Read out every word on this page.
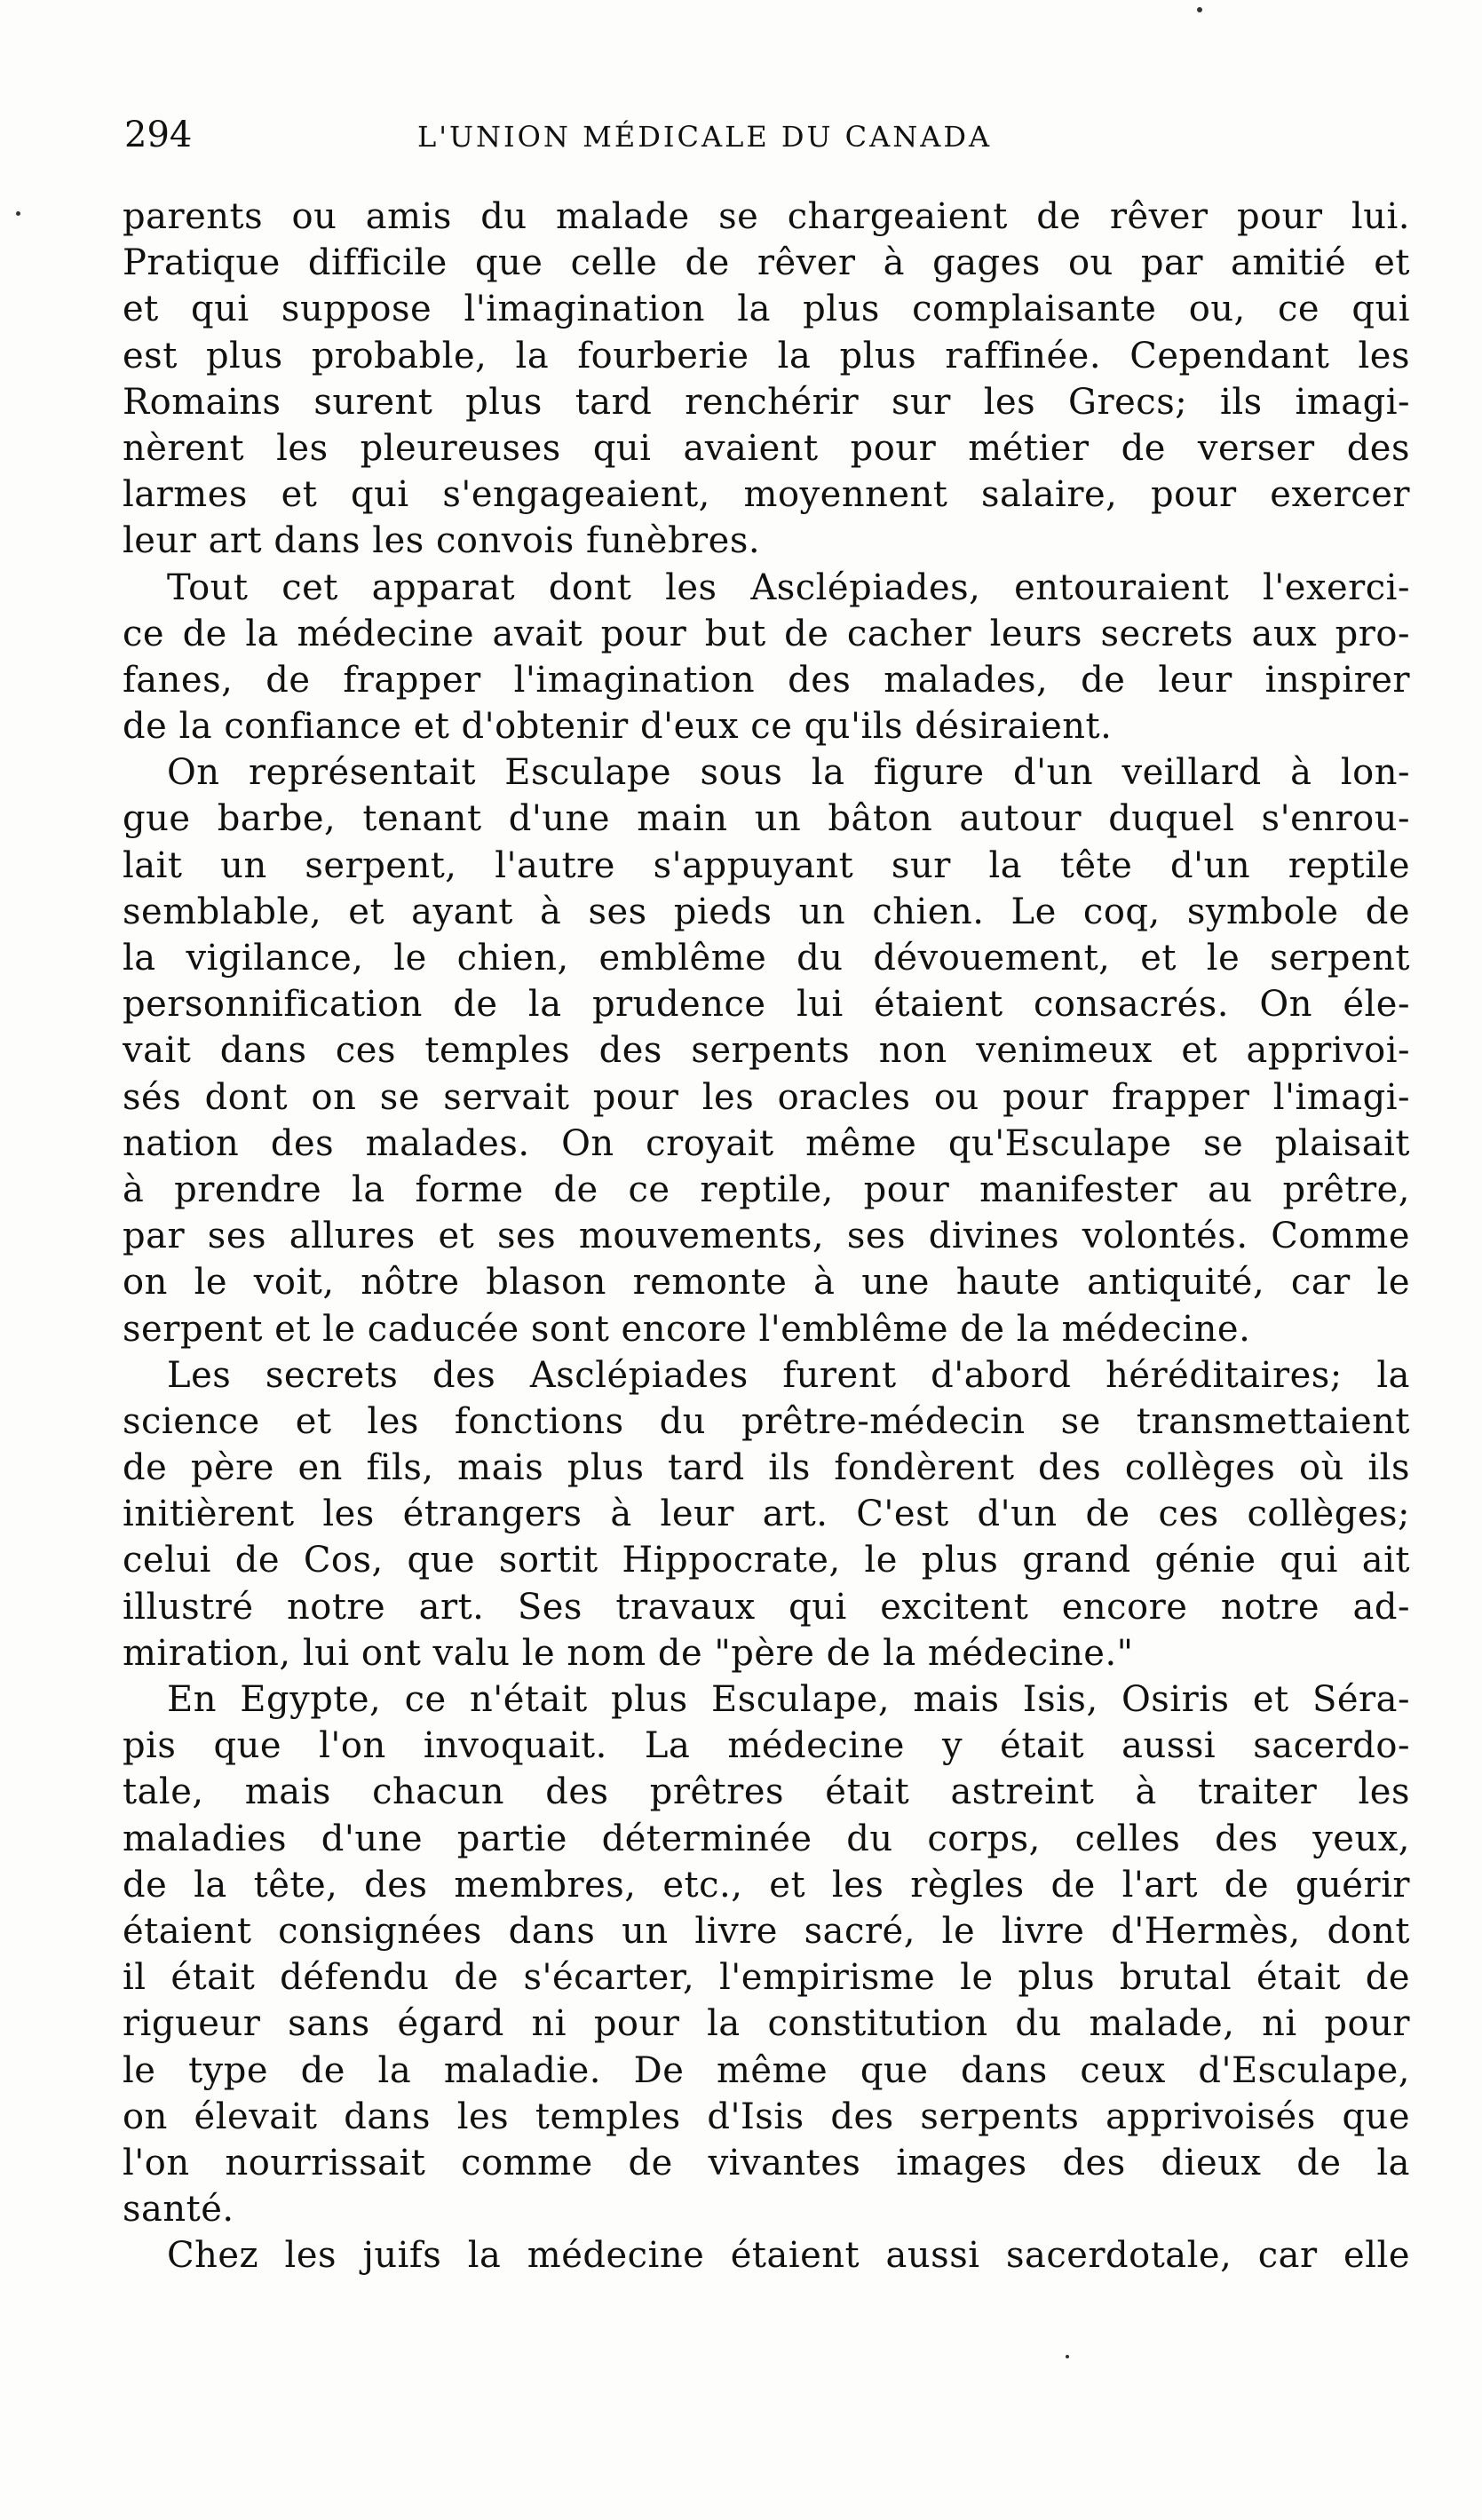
294	L'UNION MÉDICALE DU CANADA
parents ou amis du malade se chargeaient de rêver pour lui.
Pratique difficile que celle de rêver à gages ou par amitié et
et qui suppose l'imagination la plus complaisante ou, ce qui
est plus probable, la fourberie la plus raffinée. Cependant les
Romains surent plus tard renchérir sur les Grecs; ils imagi-
nèrent les pleureuses qui avaient pour métier de verser des
larmes et qui s'engageaient, moyennent salaire, pour exercer
leur art dans les convois funèbres.
Tout cet apparat dont les Asclépiades, entouraient l'exerci-
ce de la médecine avait pour but de cacher leurs secrets aux pro-
fanes, de frapper l'imagination des malades, de leur inspirer
de la confiance et d'obtenir d'eux ce qu'ils désiraient.
On représentait Esculape sous la figure d'un veillard à lon-
gue barbe, tenant d'une main un bâton autour duquel s'enrou-
lait un serpent, l'autre s'appuyant sur la tête d'un reptile
semblable, et ayant à ses pieds un chien. Le coq, symbole de
la vigilance, le chien, emblême du dévouement, et le serpent
personnification de la prudence lui étaient consacrés. On éle-
vait dans ces temples des serpents non venimeux et apprivoi-
sés dont on se servait pour les oracles ou pour frapper l'imagi-
nation des malades. On croyait même qu'Esculape se plaisait
à prendre la forme de ce reptile, pour manifester au prêtre,
par ses allures et ses mouvements, ses divines volontés. Comme
on le voit, nôtre blason remonte à une haute antiquité, car le
serpent et le caducée sont encore l'emblême de la médecine.
Les secrets des Asclépiades furent d'abord héréditaires; la
science et les fonctions du prêtre-médecin se transmettaient
de père en fils, mais plus tard ils fondèrent des collèges où ils
initièrent les étrangers à leur art. C'est d'un de ces collèges;
celui de Cos, que sortit Hippocrate, le plus grand génie qui ait
illustré notre art. Ses travaux qui excitent encore notre ad-
miration, lui ont valu le nom de "père de la médecine."
En Egypte, ce n'était plus Esculape, mais Isis, Osiris et Séra-
pis que l'on invoquait. La médecine y était aussi sacerdo-
tale, mais chacun des prêtres était astreint à traiter les
maladies d'une partie déterminée du corps, celles des yeux,
de la tête, des membres, etc., et les règles de l'art de guérir
étaient consignées dans un livre sacré, le livre d'Hermès, dont
il était défendu de s'écarter, l'empirisme le plus brutal était de
rigueur sans égard ni pour la constitution du malade, ni pour
le type de la maladie. De même que dans ceux d'Esculape,
on élevait dans les temples d'Isis des serpents apprivoisés que
l'on nourrissait comme de vivantes images des dieux de la
santé.
Chez les juifs la médecine étaient aussi sacerdotale, car elle
